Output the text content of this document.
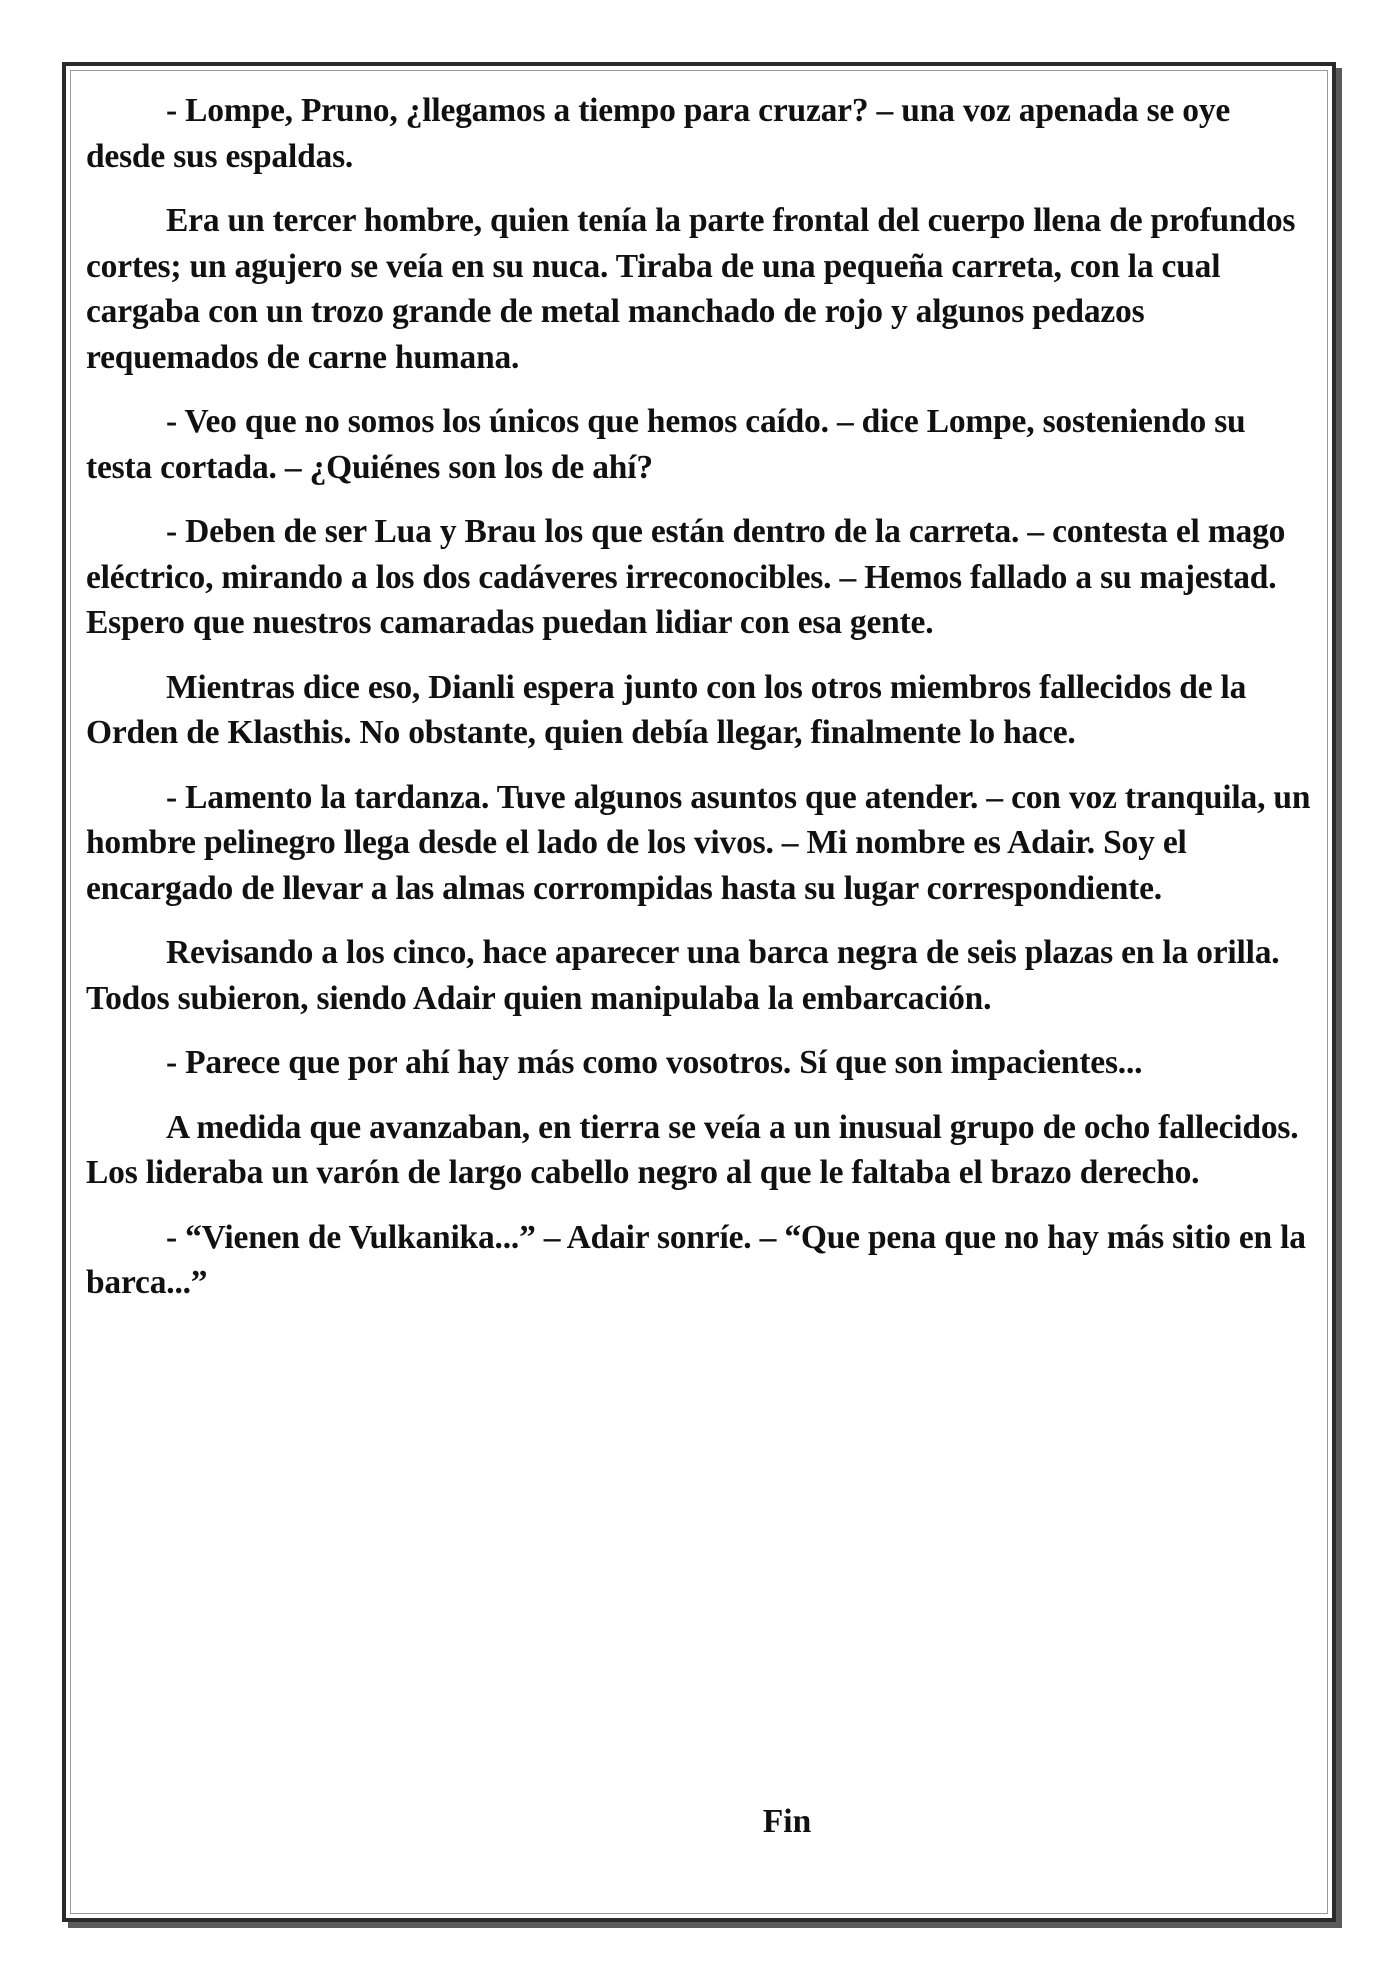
- Lompe, Pruno, ¿llegamos a tiempo para cruzar? – una voz apenada se oye desde sus espaldas.

Era un tercer hombre, quien tenía la parte frontal del cuerpo llena de profundos cortes; un agujero se veía en su nuca. Tiraba de una pequeña carreta, con la cual cargaba con un trozo grande de metal manchado de rojo y algunos pedazos requemados de carne humana.

- Veo que no somos los únicos que hemos caído. – dice Lompe, sosteniendo su testa cortada. – ¿Quiénes son los de ahí?

- Deben de ser Lua y Brau los que están dentro de la carreta. – contesta el mago eléctrico, mirando a los dos cadáveres irreconocibles. – Hemos fallado a su majestad. Espero que nuestros camaradas puedan lidiar con esa gente.

Mientras dice eso, Dianli espera junto con los otros miembros fallecidos de la Orden de Klasthis. No obstante, quien debía llegar, finalmente lo hace.

- Lamento la tardanza. Tuve algunos asuntos que atender. – con voz tranquila, un hombre pelinegro llega desde el lado de los vivos. – Mi nombre es Adair. Soy el encargado de llevar a las almas corrompidas hasta su lugar correspondiente.

Revisando a los cinco, hace aparecer una barca negra de seis plazas en la orilla. Todos subieron, siendo Adair quien manipulaba la embarcación.

- Parece que por ahí hay más como vosotros. Sí que son impacientes...

A medida que avanzaban, en tierra se veía a un inusual grupo de ocho fallecidos. Los lideraba un varón de largo cabello negro al que le faltaba el brazo derecho.

- “Vienen de Vulkanika...” – Adair sonríe. – “Que pena que no hay más sitio en la barca...”

Fin
